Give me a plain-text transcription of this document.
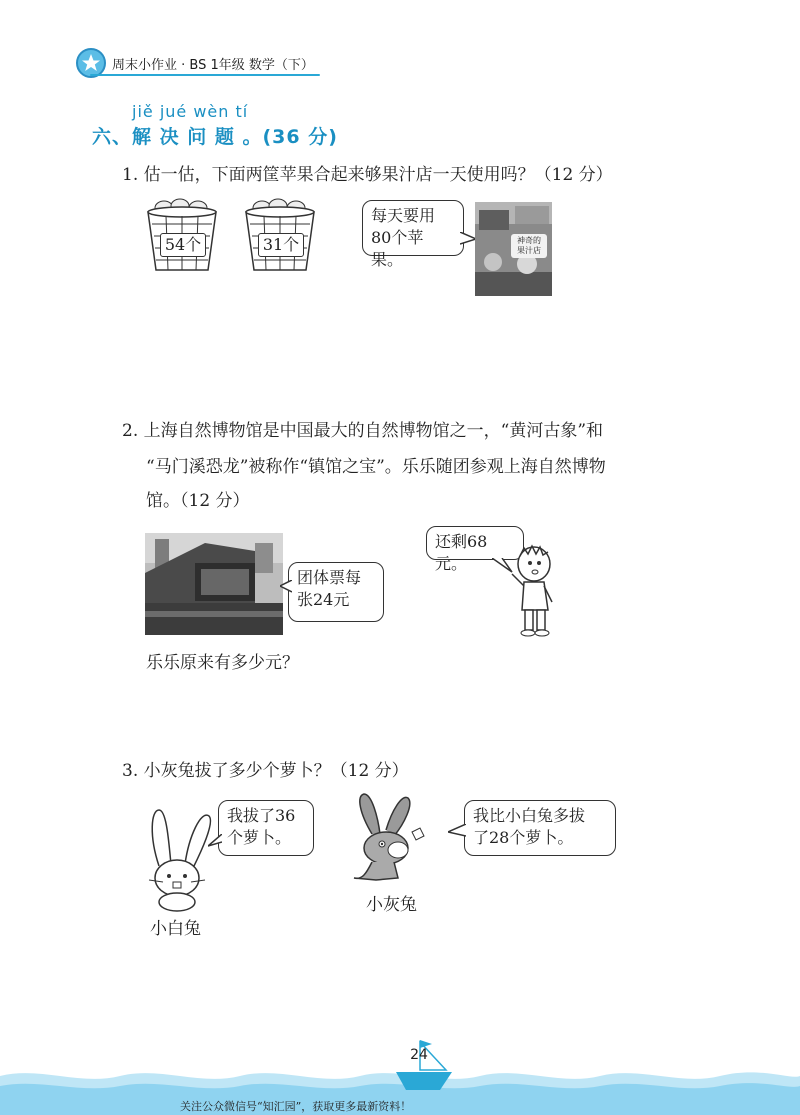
周末小作业 · BS 1年级 数学（下）
jiě jué wèn tí
六、解 决 问 题 。(36 分)
1. 估一估，下面两筐苹果合起来够果汁店一天使用吗？（12 分）
54个	31个
每天要用
80个苹果。
神奇的
果汁店
2. 上海自然博物馆是中国最大的自然博物馆之一，“黄河古象”和
“马门溪恐龙”被称作“镇馆之宝”。乐乐随团参观上海自然博物
馆。（12 分）
团体票每
张24元
还剩68元。
乐乐原来有多少元？
3. 小灰兔拔了多少个萝卜？（12 分）
我拔了36
个萝卜。
小白兔
小灰兔
我比小白兔多拔
了28个萝卜。
24
关注公众微信号“知汇园”，获取更多最新资料！
